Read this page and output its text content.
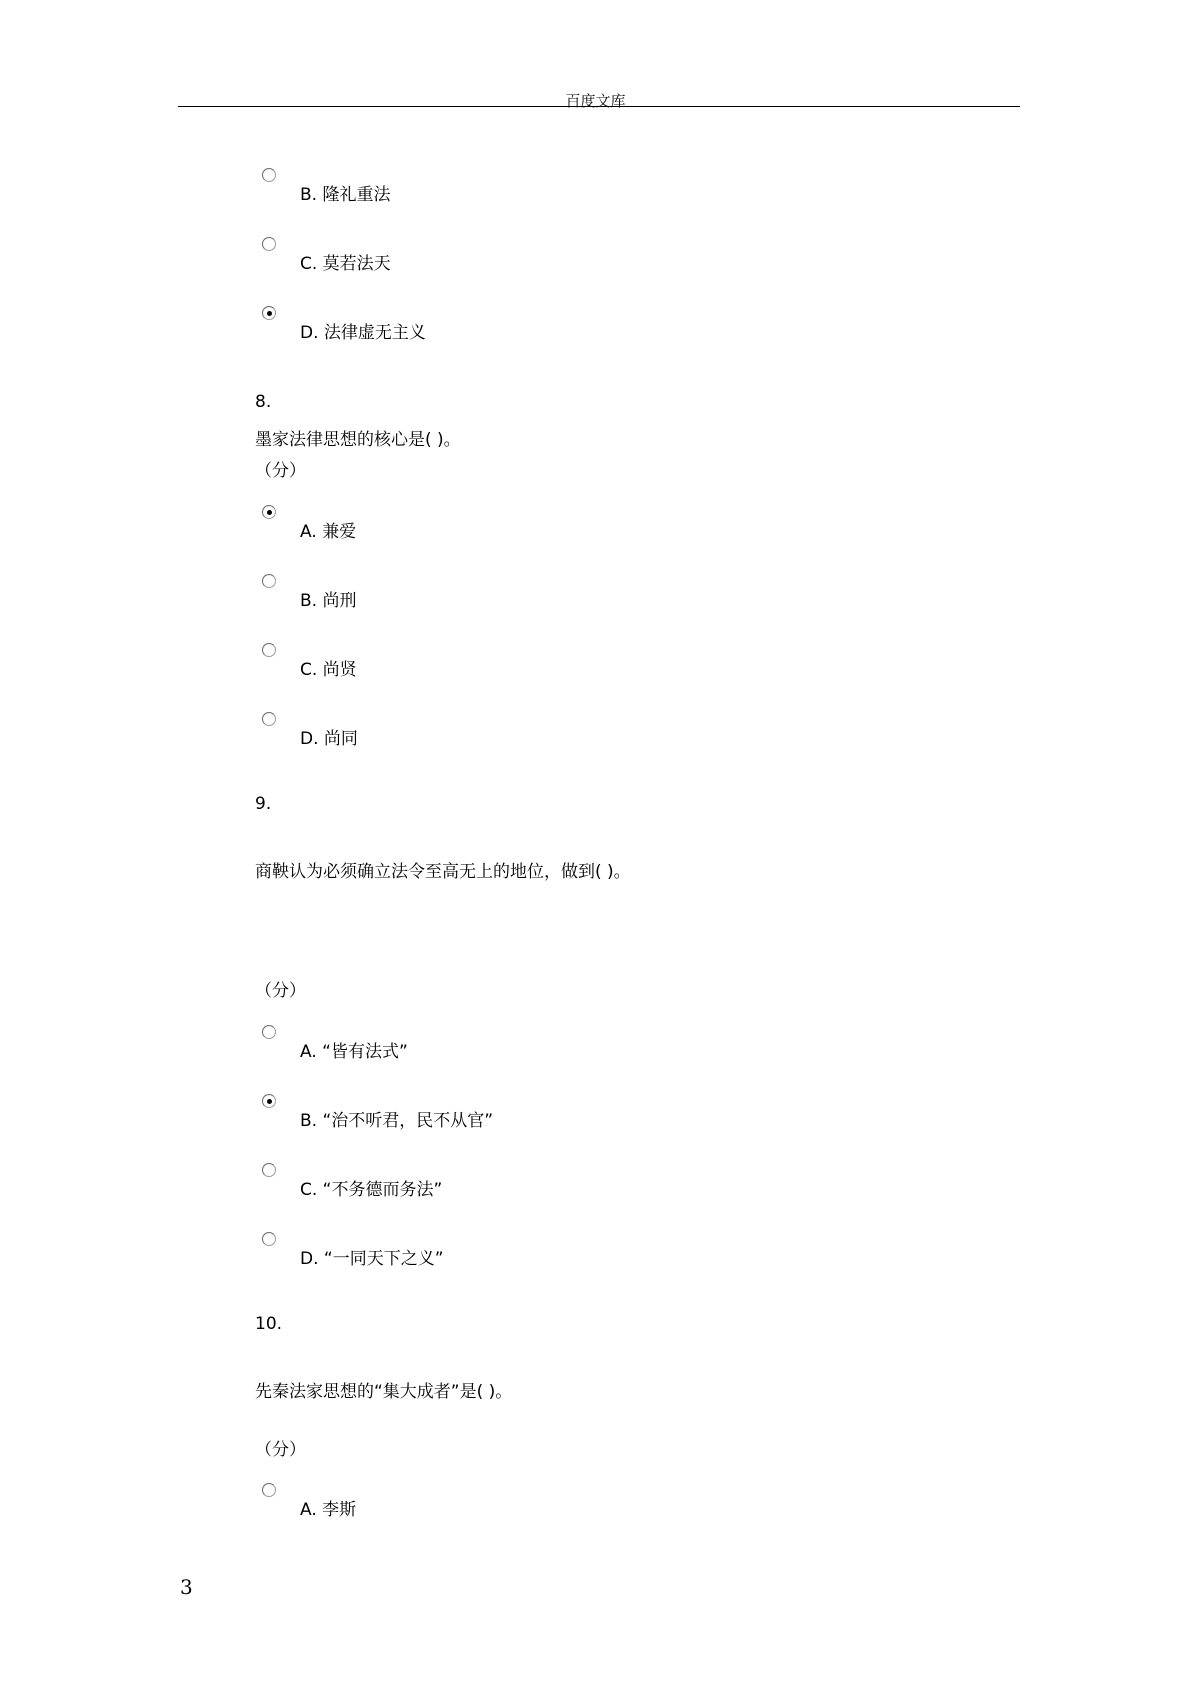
百度文库
B. 隆礼重法
C. 莫若法天
D. 法律虚无主义
8.
墨家法律思想的核心是( )。
（分）
A. 兼爱
B. 尚刑
C. 尚贤
D. 尚同
9.
商鞅认为必须确立法令至高无上的地位，做到( )。
（分）
A. “皆有法式”
B. “治不听君，民不从官”
C. “不务德而务法”
D. “一同天下之义”
10.
先秦法家思想的“集大成者”是( )。
（分）
A. 李斯
3
